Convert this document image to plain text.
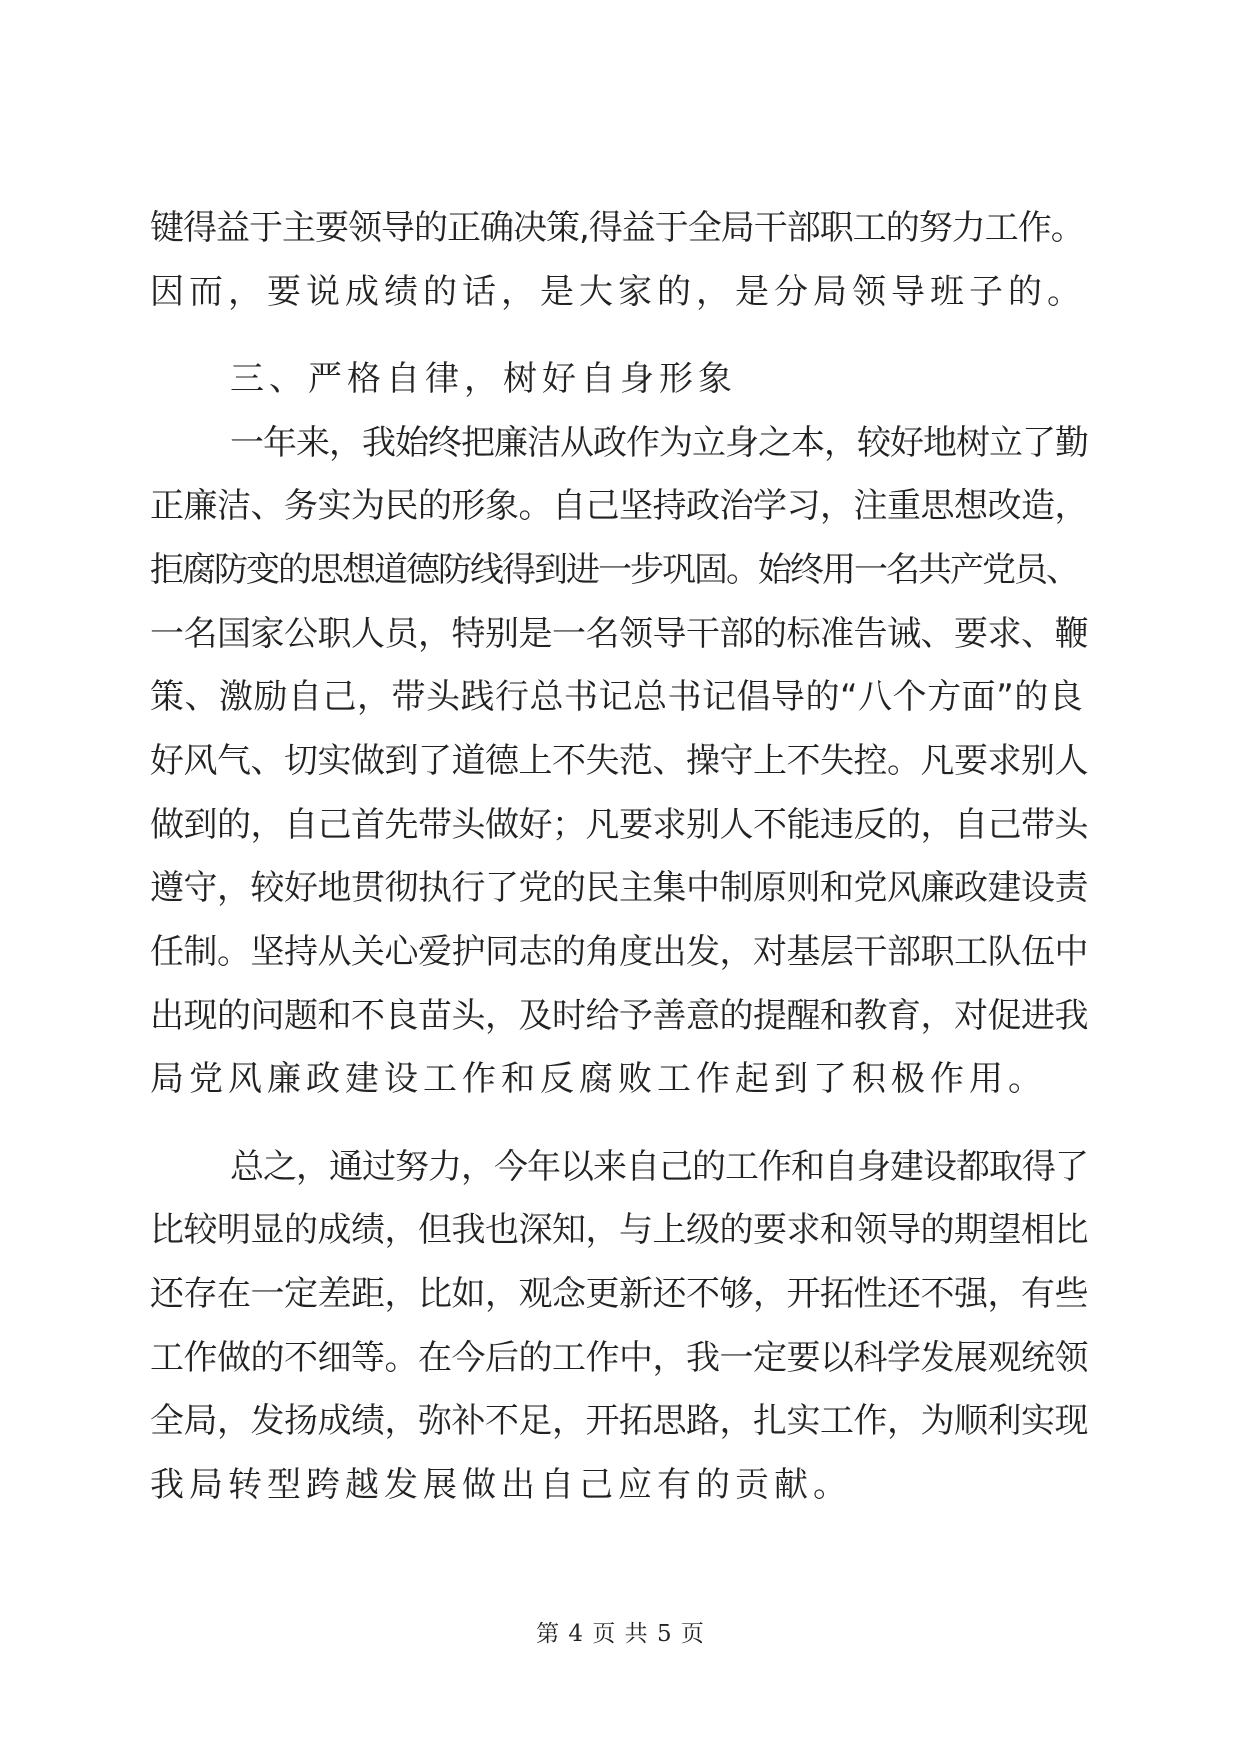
键得益于主要领导的正确决策,得益于全局干部职工的努力工作。
因而，要说成绩的话，是大家的，是分局领导班子的。
三、严格自律，树好自身形象
一年来，我始终把廉洁从政作为立身之本，较好地树立了勤
正廉洁、务实为民的形象。自己坚持政治学习，注重思想改造，
拒腐防变的思想道德防线得到进一步巩固。始终用一名共产党员、
一名国家公职人员，特别是一名领导干部的标准告诫、要求、鞭
策、激励自己，带头践行总书记总书记倡导的“八个方面”的良
好风气、切实做到了道德上不失范、操守上不失控。凡要求别人
做到的，自己首先带头做好；凡要求别人不能违反的，自己带头
遵守，较好地贯彻执行了党的民主集中制原则和党风廉政建设责
任制。坚持从关心爱护同志的角度出发，对基层干部职工队伍中
出现的问题和不良苗头，及时给予善意的提醒和教育，对促进我
局党风廉政建设工作和反腐败工作起到了积极作用。
总之，通过努力，今年以来自己的工作和自身建设都取得了
比较明显的成绩，但我也深知，与上级的要求和领导的期望相比
还存在一定差距，比如，观念更新还不够，开拓性还不强，有些
工作做的不细等。在今后的工作中，我一定要以科学发展观统领
全局，发扬成绩，弥补不足，开拓思路，扎实工作，为顺利实现
我局转型跨越发展做出自己应有的贡献。
第 4 页 共 5 页
